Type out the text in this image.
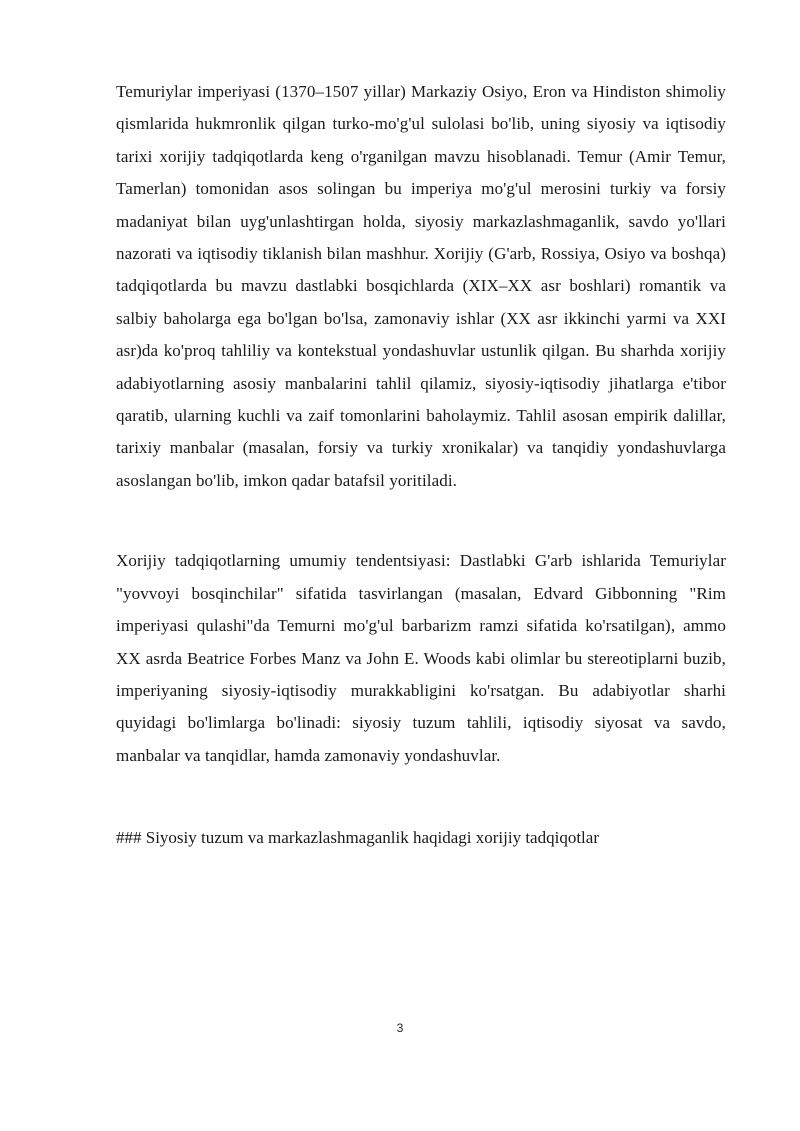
Temuriylar imperiyasi (1370–1507 yillar) Markaziy Osiyo, Eron va Hindiston shimoliy qismlarida hukmronlik qilgan turko-mo'g'ul sulolasi bo'lib, uning siyosiy va iqtisodiy tarixi xorijiy tadqiqotlarda keng o'rganilgan mavzu hisoblanadi. Temur (Amir Temur, Tamerlan) tomonidan asos solingan bu imperiya mo'g'ul merosini turkiy va forsiy madaniyat bilan uyg'unlashtirgan holda, siyosiy markazlashmaganlik, savdo yo'llari nazorati va iqtisodiy tiklanish bilan mashhur. Xorijiy (G'arb, Rossiya, Osiyo va boshqa) tadqiqotlarda bu mavzu dastlabki bosqichlarda (XIX–XX asr boshlari) romantik va salbiy baholarga ega bo'lgan bo'lsa, zamonaviy ishlar (XX asr ikkinchi yarmi va XXI asr)da ko'proq tahliliy va kontekstual yondashuvlar ustunlik qilgan. Bu sharhda xorijiy adabiyotlarning asosiy manbalarini tahlil qilamiz, siyosiy-iqtisodiy jihatlarga e'tibor qaratib, ularning kuchli va zaif tomonlarini baholaymiz. Tahlil asosan empirik dalillar, tarixiy manbalar (masalan, forsiy va turkiy xronikalar) va tanqidiy yondashuvlarga asoslangan bo'lib, imkon qadar batafsil yoritiladi.

Xorijiy tadqiqotlarning umumiy tendentsiyasi: Dastlabki G'arb ishlarida Temuriylar "yovvoyi bosqinchilar" sifatida tasvirlangan (masalan, Edvard Gibbonning "Rim imperiyasi qulashi"da Temurni mo'g'ul barbarizm ramzi sifatida ko'rsatilgan), ammo XX asrda Beatrice Forbes Manz va John E. Woods kabi olimlar bu stereotiplarni buzib, imperiyaning siyosiy-iqtisodiy murakkabligini ko'rsatgan. Bu adabiyotlar sharhi quyidagi bo'limlarga bo'linadi: siyosiy tuzum tahlili, iqtisodiy siyosat va savdo, manbalar va tanqidlar, hamda zamonaviy yondashuvlar.

### Siyosiy tuzum va markazlashmaganlik haqidagi xorijiy tadqiqotlar

3
